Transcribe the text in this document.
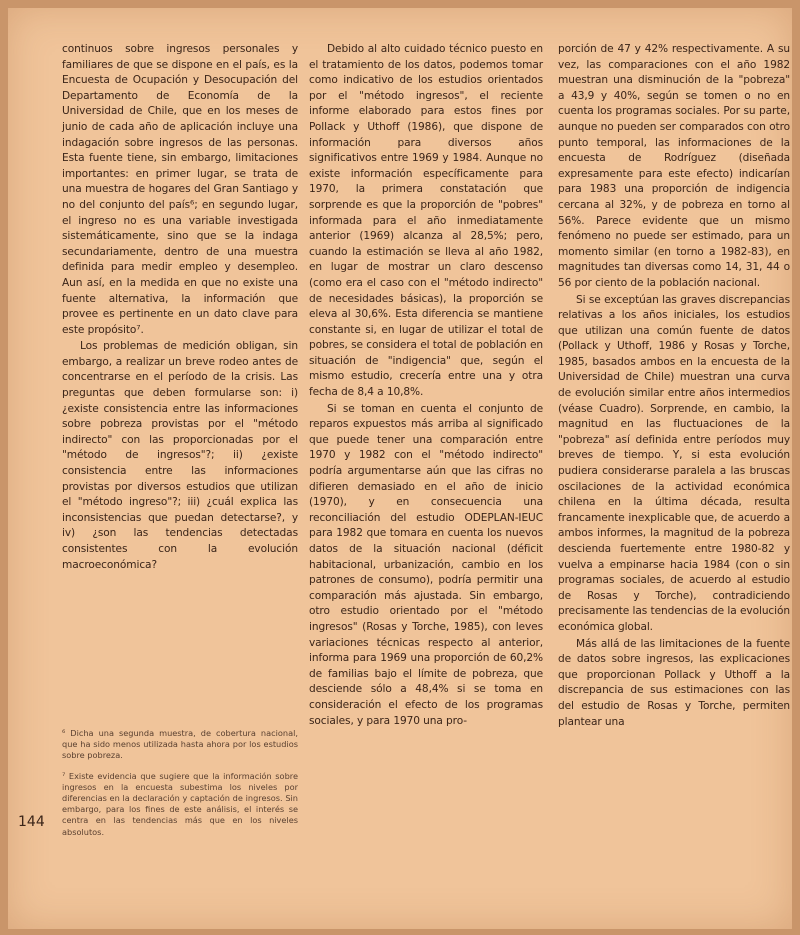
continuos sobre ingresos personales y familiares de que se dispone en el país, es la Encuesta de Ocupación y Desocupación del Departamento de Economía de la Universidad de Chile, que en los meses de junio de cada año de aplicación incluye una indagación sobre ingresos de las personas. Esta fuente tiene, sin embargo, limitaciones importantes: en primer lugar, se trata de una muestra de hogares del Gran Santiago y no del conjunto del país⁶; en segundo lugar, el ingreso no es una variable investigada sistemáticamente, sino que se la indaga secundariamente, dentro de una muestra definida para medir empleo y desempleo. Aun así, en la medida en que no existe una fuente alternativa, la información que provee es pertinente en un dato clave para este propósito⁷.

Los problemas de medición obligan, sin embargo, a realizar un breve rodeo antes de concentrarse en el período de la crisis. Las preguntas que deben formularse son: i) ¿existe consistencia entre las informaciones sobre pobreza provistas por el "método indirecto" con las proporcionadas por el "método de ingresos"?; ii) ¿existe consistencia entre las informaciones provistas por diversos estudios que utilizan el "método ingreso"?; iii) ¿cuál explica las inconsistencias que puedan detectarse?, y iv) ¿son las tendencias detectadas consistentes con la evolución macroeconómica?

⁶ Dicha una segunda muestra, de cobertura nacional, que ha sido menos utilizada hasta ahora por los estudios sobre pobreza.

⁷ Existe evidencia que sugiere que la información sobre ingresos en la encuesta subestima los niveles por diferencias en la declaración y captación de ingresos. Sin embargo, para los fines de este análisis, el interés se centra en las tendencias más que en los niveles absolutos.

Debido al alto cuidado técnico puesto en el tratamiento de los datos, podemos tomar como indicativo de los estudios orientados por el "método ingresos", el reciente informe elaborado para estos fines por Pollack y Uthoff (1986), que dispone de información para diversos años significativos entre 1969 y 1984. Aunque no existe información específicamente para 1970, la primera constatación que sorprende es que la proporción de "pobres" informada para el año inmediatamente anterior (1969) alcanza al 28,5%; pero, cuando la estimación se lleva al año 1982, en lugar de mostrar un claro descenso (como era el caso con el "método indirecto" de necesidades básicas), la proporción se eleva al 30,6%. Esta diferencia se mantiene constante si, en lugar de utilizar el total de pobres, se considera el total de población en situación de "indigencia" que, según el mismo estudio, crecería entre una y otra fecha de 8,4 a 10,8%.

Si se toman en cuenta el conjunto de reparos expuestos más arriba al significado que puede tener una comparación entre 1970 y 1982 con el "método indirecto" podría argumentarse aún que las cifras no difieren demasiado en el año de inicio (1970), y en consecuencia una reconciliación del estudio ODEPLAN-IEUC para 1982 que tomara en cuenta los nuevos datos de la situación nacional (déficit habitacional, urbanización, cambio en los patrones de consumo), podría permitir una comparación más ajustada. Sin embargo, otro estudio orientado por el "método ingresos" (Rosas y Torche, 1985), con leves variaciones técnicas respecto al anterior, informa para 1969 una proporción de 60,2% de familias bajo el límite de pobreza, que desciende sólo a 48,4% si se toma en consideración el efecto de los programas sociales, y para 1970 una pro-

porción de 47 y 42% respectivamente. A su vez, las comparaciones con el año 1982 muestran una disminución de la "pobreza" a 43,9 y 40%, según se tomen o no en cuenta los programas sociales. Por su parte, aunque no pueden ser comparados con otro punto temporal, las informaciones de la encuesta de Rodríguez (diseñada expresamente para este efecto) indicarían para 1983 una proporción de indigencia cercana al 32%, y de pobreza en torno al 56%. Parece evidente que un mismo fenómeno no puede ser estimado, para un momento similar (en torno a 1982-83), en magnitudes tan diversas como 14, 31, 44 o 56 por ciento de la población nacional.

Si se exceptúan las graves discrepancias relativas a los años iniciales, los estudios que utilizan una común fuente de datos (Pollack y Uthoff, 1986 y Rosas y Torche, 1985, basados ambos en la encuesta de la Universidad de Chile) muestran una curva de evolución similar entre años intermedios (véase Cuadro). Sorprende, en cambio, la magnitud en las fluctuaciones de la "pobreza" así definida entre períodos muy breves de tiempo. Y, si esta evolución pudiera considerarse paralela a las bruscas oscilaciones de la actividad económica chilena en la última década, resulta francamente inexplicable que, de acuerdo a ambos informes, la magnitud de la pobreza descienda fuertemente entre 1980-82 y vuelva a empinarse hacia 1984 (con o sin programas sociales, de acuerdo al estudio de Rosas y Torche), contradiciendo precisamente las tendencias de la evolución económica global.

Más allá de las limitaciones de la fuente de datos sobre ingresos, las explicaciones que proporcionan Pollack y Uthoff a la discrepancia de sus estimaciones con las del estudio de Rosas y Torche, permiten plantear una

144
